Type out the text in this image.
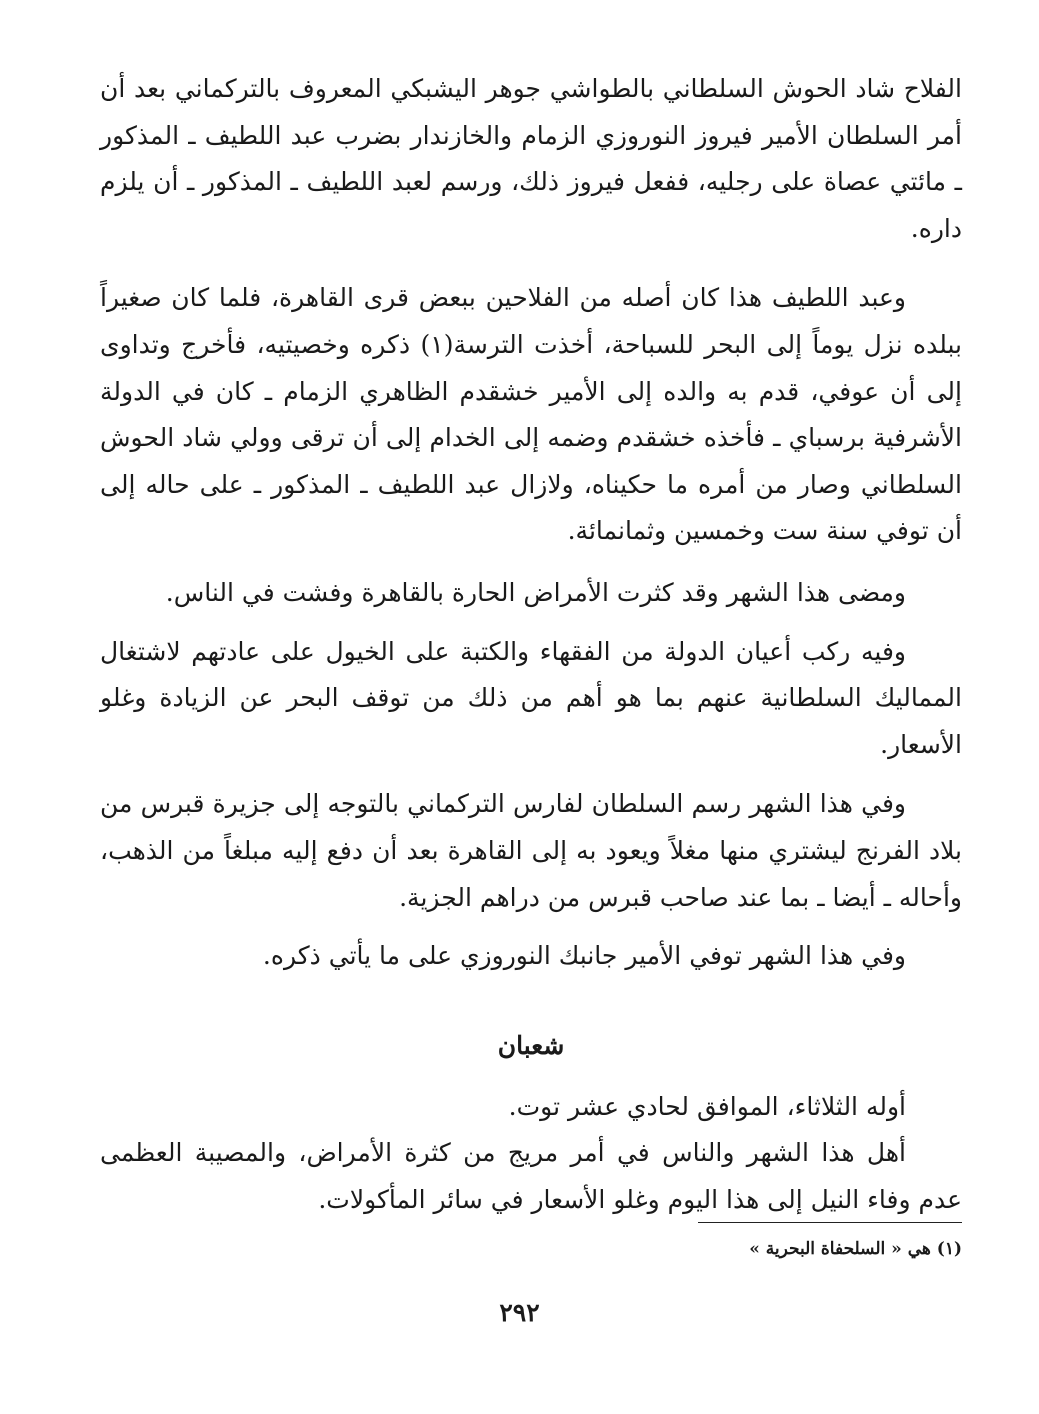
الفلاح شاد الحوش السلطاني بالطواشي جوهر اليشبكي المعروف بالتركماني بعد أن أمر السلطان الأمير فيروز النوروزي الزمام والخازندار بضرب عبد اللطيف ـ المذكور ـ مائتي عصاة على رجليه، ففعل فيروز ذلك، ورسم لعبد اللطيف ـ المذكور ـ أن يلزم داره.

وعبد اللطيف هذا كان أصله من الفلاحين ببعض قرى القاهرة، فلما كان صغيراً ببلده نزل يوماً إلى البحر للسباحة، أخذت الترسة(١) ذكره وخصيتيه، فأخرج وتداوى إلى أن عوفي، قدم به والده إلى الأمير خشقدم الظاهري الزمام ـ كان في الدولة الأشرفية برسباي ـ فأخذه خشقدم وضمه إلى الخدام إلى أن ترقى وولي شاد الحوش السلطاني وصار من أمره ما حكيناه، ولازال عبد اللطيف ـ المذكور ـ على حاله إلى أن توفي سنة ست وخمسين وثمانمائة.

ومضى هذا الشهر وقد كثرت الأمراض الحارة بالقاهرة وفشت في الناس.

وفيه ركب أعيان الدولة من الفقهاء والكتبة على الخيول على عادتهم لاشتغال المماليك السلطانية عنهم بما هو أهم من ذلك من توقف البحر عن الزيادة وغلو الأسعار.

وفي هذا الشهر رسم السلطان لفارس التركماني بالتوجه إلى جزيرة قبرس من بلاد الفرنج ليشتري منها مغلاً ويعود به إلى القاهرة بعد أن دفع إليه مبلغاً من الذهب، وأحاله ـ أيضا ـ بما عند صاحب قبرس من دراهم الجزية.

وفي هذا الشهر توفي الأمير جانبك النوروزي على ما يأتي ذكره.

شعبان

أوله الثلاثاء، الموافق لحادي عشر توت.

أهل هذا الشهر والناس في أمر مريج من كثرة الأمراض، والمصيبة العظمى عدم وفاء النيل إلى هذا اليوم وغلو الأسعار في سائر المأكولات.

(١) هي « السلحفاة البحرية »
٢٩٢
